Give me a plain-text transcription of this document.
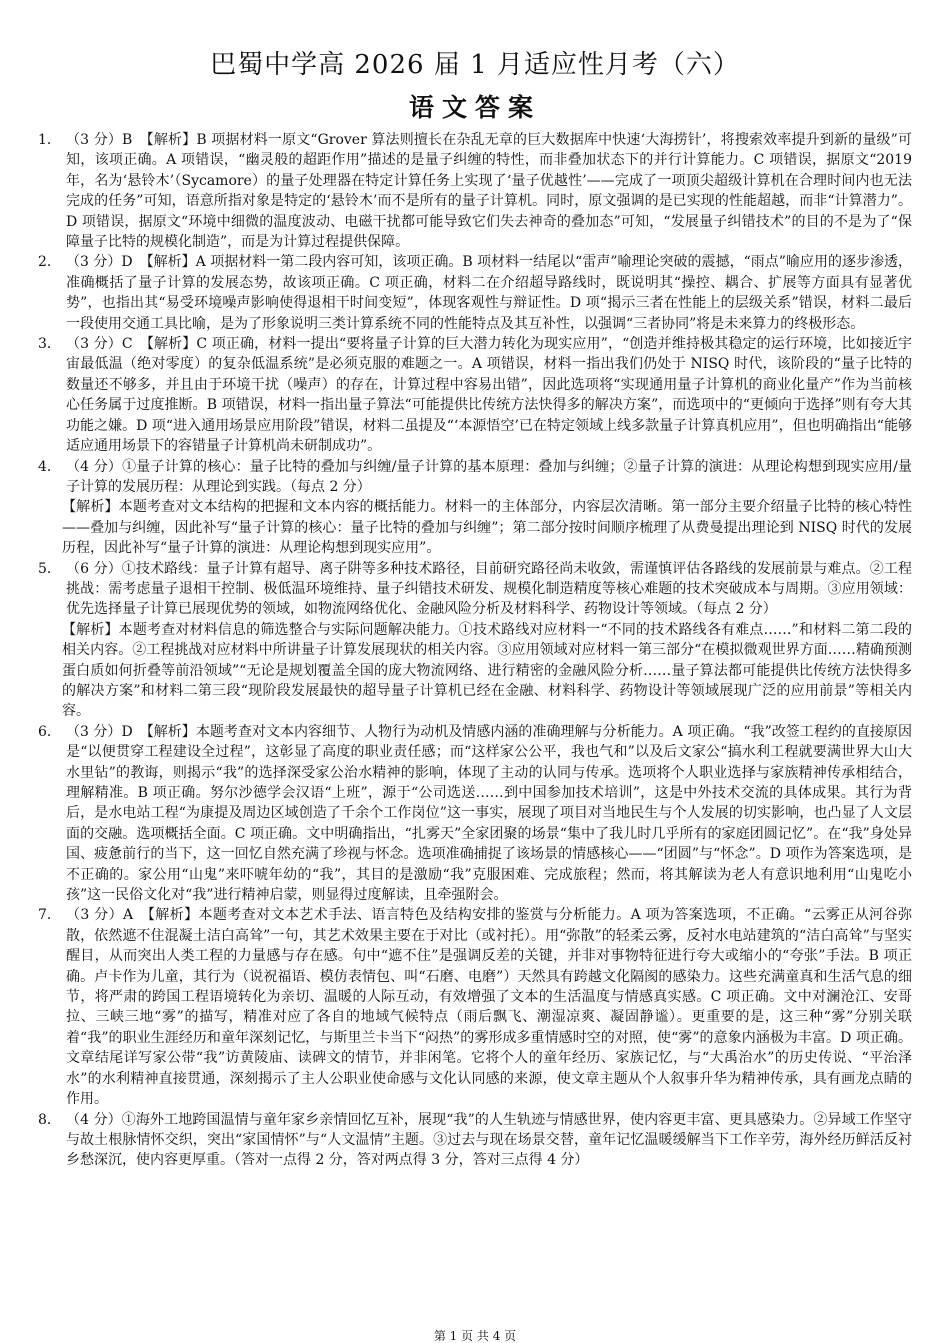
巴蜀中学高 2026 届 1 月适应性月考（六）
语文答案
1． （3 分）B　【解析】B 项据材料一原文“Grover 算法则擅长在杂乱无章的巨大数据库中快速‘大海捞针’，将搜索效率提升到新的量级”可知，该项正确。A 项错误，“幽灵般的超距作用”描述的是量子纠缠的特性，而非叠加状态下的并行计算能力。C 项错误，据原文“2019 年，名为‘悬铃木’（Sycamore）的量子处理器在特定计算任务上实现了‘量子优越性’——完成了一项顶尖超级计算机在合理时间内也无法完成的任务”可知，语意所指对象是特定的‘悬铃木’而不是所有的量子计算机。同时，原文强调的是已实现的性能超越，而非“计算潜力”。D 项错误，据原文“环境中细微的温度波动、电磁干扰都可能导致它们失去神奇的叠加态”可知，“发展量子纠错技术”的目的不是为了“保障量子比特的规模化制造”，而是为计算过程提供保障。

2． （3 分）D　【解析】A 项据材料一第二段内容可知，该项正确。B 项材料一结尾以“雷声”喻理论突破的震撼，“雨点”喻应用的逐步渗透，准确概括了量子计算的发展态势，故该项正确。C 项正确，材料二在介绍超导路线时，既说明其“操控、耦合、扩展等方面具有显著优势”，也指出其“易受环境噪声影响使得退相干时间变短”，体现客观性与辩证性。D 项“揭示三者在性能上的层级关系”错误，材料二最后一段使用交通工具比喻，是为了形象说明三类计算系统不同的性能特点及其互补性，以强调“三者协同”将是未来算力的终极形态。

3． （3 分）C　【解析】C 项正确，材料一提出“要将量子计算的巨大潜力转化为现实应用”，“创造并维持极其稳定的运行环境，比如接近宇宙最低温（绝对零度）的复杂低温系统”是必须克服的难题之一。A 项错误，材料一指出我们仍处于 NISQ 时代，该阶段的“量子比特的数量还不够多，并且由于环境干扰（噪声）的存在，计算过程中容易出错”，因此选项将“实现通用量子计算机的商业化量产”作为当前核心任务属于过度推断。B 项错误，材料一指出量子算法“可能提供比传统方法快得多的解决方案”，而选项中的“更倾向于选择”则有夸大其功能之嫌。D 项“进入通用场景应用阶段”错误，材料二虽提及“‘本源悟空’已在特定领域上线多款量子计算真机应用”，但也明确指出“能够适应通用场景下的容错量子计算机尚未研制成功”。

4． （4 分）①量子计算的核心：量子比特的叠加与纠缠/量子计算的基本原理：叠加与纠缠；②量子计算的演进：从理论构想到现实应用/量子计算的发展历程：从理论到实践。（每点 2 分）

【解析】本题考查对文本结构的把握和文本内容的概括能力。材料一的主体部分，内容层次清晰。第一部分主要介绍量子比特的核心特性——叠加与纠缠，因此补写“量子计算的核心：量子比特的叠加与纠缠”；第二部分按时间顺序梳理了从费曼提出理论到 NISQ 时代的发展历程，因此补写“量子计算的演进：从理论构想到现实应用”。

5． （6 分）①技术路线：量子计算有超导、离子阱等多种技术路径，目前研究路径尚未收敛，需谨慎评估各路线的发展前景与难点。②工程挑战：需考虑量子退相干控制、极低温环境维持、量子纠错技术研发、规模化制造精度等核心难题的技术突破成本与周期。③应用领域：优先选择量子计算已展现优势的领域，如物流网络优化、金融风险分析及材料科学、药物设计等领域。（每点 2 分）

【解析】本题考查对材料信息的筛选整合与实际问题解决能力。①技术路线对应材料一“不同的技术路线各有难点……”和材料二第二段的相关内容。②工程挑战对应材料中所讲量子计算发展现状的相关内容。③应用领域对应材料一第三部分“在模拟微观世界方面……精确预测蛋白质如何折叠等前沿领域”“无论是规划覆盖全国的庞大物流网络、进行精密的金融风险分析……量子算法都可能提供比传统方法快得多的解决方案”和材料二第三段“现阶段发展最快的超导量子计算机已经在金融、材料科学、药物设计等领域展现广泛的应用前景”等相关内容。

6． （3 分）D　【解析】本题考查对文本内容细节、人物行为动机及情感内涵的准确理解与分析能力。A 项正确。“我”改签工程约的直接原因是“以便贯穿工程建设全过程”，这彰显了高度的职业责任感；而“这样家公公平，我也气和”以及后文家公“搞水利工程就要满世界大山大水里钻”的教诲，则揭示“我”的选择深受家公治水精神的影响，体现了主动的认同与传承。选项将个人职业选择与家族精神传承相结合，理解精准。B 项正确。努尔沙德学会汉语“上班”，源于“公司选送……到中国参加技术培训”，这是中外技术交流的具体成果。其行为背后，是水电站工程“为康提及周边区域创造了千余个工作岗位”这一事实，展现了项目对当地民生与个人发展的切实影响，也凸显了人文层面的交融。选项概括全面。C 项正确。文中明确指出，“扎雾天”全家团聚的场景“集中了我儿时几乎所有的家庭团圆记忆”。在“我”身处异国、疲惫前行的当下，这一回忆自然充满了珍视与怀念。选项准确捕捉了该场景的情感核心——“团圆”与“怀念”。D 项作为答案选项，是不正确的。家公用“山鬼”来吓唬年幼的“我”，其目的是激励“我”克服困难、完成旅程；然而，将其解读为老人有意识地利用“山鬼吃小孩”这一民俗文化对“我”进行精神启蒙，则显得过度解读，且牵强附会。

7． （3 分）A　【解析】本题考查对文本艺术手法、语言特色及结构安排的鉴赏与分析能力。A 项为答案选项，不正确。“云雾正从河谷弥散，依然遮不住混凝土洁白高耸”一句，其艺术效果主要在于对比（或衬托）。用“弥散”的轻柔云雾，反衬水电站建筑的“洁白高耸”与坚实醒目，从而突出人类工程的力量感与存在感。句中“遮不住”是强调反差的关键，并非对事物特征进行夸大或缩小的“夸张”手法。B 项正确。卢卡作为儿童，其行为（说祝福语、模仿表情包、叫“石磨、电磨”）天然具有跨越文化隔阂的感染力。这些充满童真和生活气息的细节，将严肃的跨国工程语境转化为亲切、温暖的人际互动，有效增强了文本的生活温度与情感真实感。C 项正确。文中对澜沧江、安哥拉、三峡三地“雾”的描写，精准对应了各自的地域气候特点（雨后飘飞、潮湿凉爽、凝固静谧）。更重要的是，这三种“雾”分别关联着“我”的职业生涯经历和童年深刻记忆，与斯里兰卡当下“闷热”的雾形成多重情感时空的对照，使“雾”的意象内涵极为丰富。D 项正确。文章结尾详写家公带“我”访黄陵庙、读碑文的情节，并非闲笔。它将个人的童年经历、家族记忆，与“大禹治水”的历史传说、“平治泽水”的水利精神直接贯通，深刻揭示了主人公职业使命感与文化认同感的来源，使文章主题从个人叙事升华为精神传承，具有画龙点睛的作用。

8． （4 分）①海外工地跨国温情与童年家乡亲情回忆互补，展现“我”的人生轨迹与情感世界，使内容更丰富、更具感染力。②异域工作坚守与故土根脉情怀交织，突出“家国情怀”与“人文温情”主题。③过去与现在场景交替，童年记忆温暖缓解当下工作辛劳，海外经历鲜活反衬乡愁深沉，使内容更厚重。（答对一点得 2 分，答对两点得 3 分，答对三点得 4 分）

第 1 页 共 4 页
